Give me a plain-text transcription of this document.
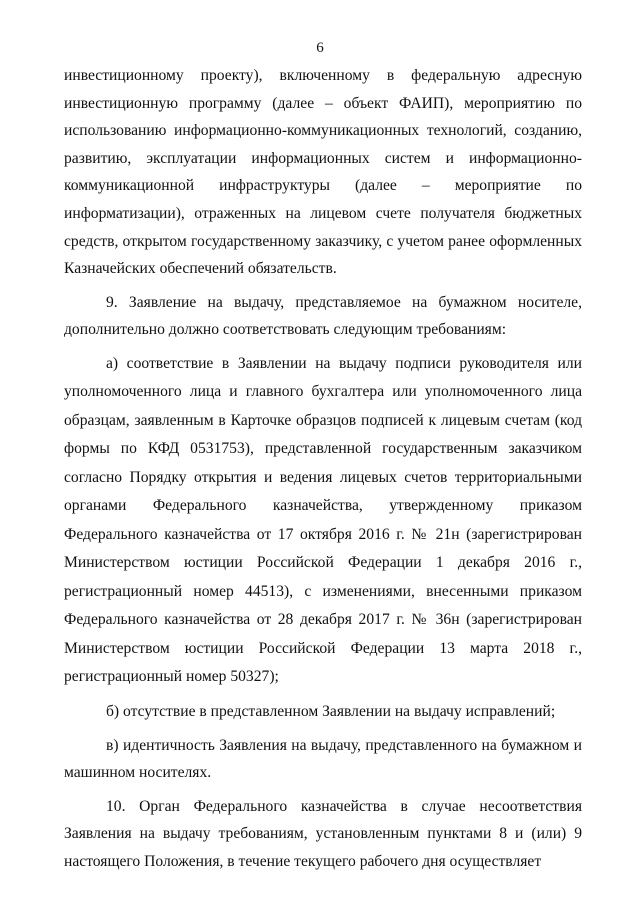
6

инвестиционному проекту), включенному в федеральную адресную инвестиционную программу (далее – объект ФАИП), мероприятию по использованию информационно-коммуникационных технологий, созданию, развитию, эксплуатации информационных систем и информационно-коммуникационной инфраструктуры (далее – мероприятие по информатизации), отраженных на лицевом счете получателя бюджетных средств, открытом государственному заказчику, с учетом ранее оформленных Казначейских обеспечений обязательств.

9. Заявление на выдачу, представляемое на бумажном носителе, дополнительно должно соответствовать следующим требованиям:

а) соответствие в Заявлении на выдачу подписи руководителя или уполномоченного лица и главного бухгалтера или уполномоченного лица образцам, заявленным в Карточке образцов подписей к лицевым счетам (код формы по КФД 0531753), представленной государственным заказчиком согласно Порядку открытия и ведения лицевых счетов территориальными органами Федерального казначейства, утвержденному приказом Федерального казначейства от 17 октября 2016 г. № 21н (зарегистрирован Министерством юстиции Российской Федерации 1 декабря 2016 г., регистрационный номер 44513), с изменениями, внесенными приказом Федерального казначейства от 28 декабря 2017 г. № 36н (зарегистрирован Министерством юстиции Российской Федерации 13 марта 2018 г., регистрационный номер 50327);

б) отсутствие в представленном Заявлении на выдачу исправлений;

в) идентичность Заявления на выдачу, представленного на бумажном и машинном носителях.

10. Орган Федерального казначейства в случае несоответствия Заявления на выдачу требованиям, установленным пунктами 8 и (или) 9 настоящего Положения, в течение текущего рабочего дня осуществляет
